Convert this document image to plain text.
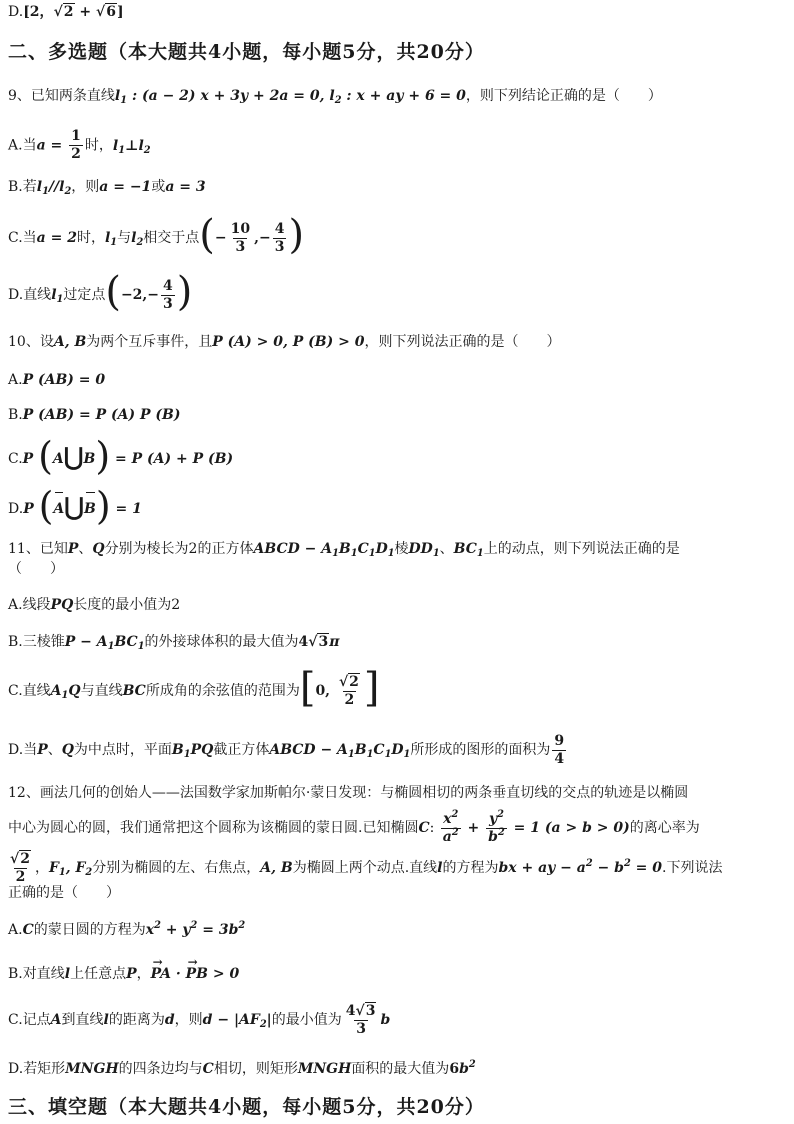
D.[2，√2 + √6]
二、多选题（本大题共4小题，每小题5分，共20分）
9、已知两条直线$l_1$ : (a − 2) x + 3y + 2a = 0, $l_2$ : x + ay + 6 = 0，则下列结论正确的是（　　）
A.当$a = \frac{1}{2}$ 时，$l_1\perp l_2$
B.若$l_1//l_2$，则a = −1或a = 3
C.当a = 2时，$l_1$与$l_2$相交于点(− $\frac{10}{3}$ ,− $\frac{4}{3}$ )
D.直线$l_1$过定点($-2,- \frac{4}{3}$ )
10、设A, B为两个互斥事件，且P (A) > 0, P (B) > 0，则下列说法正确的是（　　）
A.P (AB) = 0
B.P (AB) = P (A) P (B)
C.P (A⋃B) = P (A) + P (B)
D.P (A⋃B) = 1
11、已知P、Q分别为棱长为2的正方体ABCD − $A_1B_1C_1D_1$棱$DD_1$、$BC_1$上的动点，则下列说法正确的是
（　　）
A.线段PQ长度的最小值为2
B.三棱锥$P - A_1BC_1$的外接球体积的最大值为4√3π
C.直线$A_1Q$与直线BC所成角的余弦值的范围为[0, $\frac{√2}{2}$ ]
D.当P、Q为中点时，平面$B_1PQ$截正方体ABCD − $A_1B_1C_1D_1$所形成的图形的面积为 $\frac{9}{4}$
12、画法几何的创始人——法国数学家加斯帕尔·蒙日发现：与椭圆相切的两条垂直切线的交点的轨迹是以椭圆
中心为圆心的圆，我们通常把这个圆称为该椭圆的蒙日圆.已知椭圆C: $\frac{x^2}{a^2} + \frac{y^2}{b^2} = 1$ (a > b > 0)的离心率为
$\frac{√2}{2}$ ，$F_1$, $F_2$分别为椭圆的左、右焦点，A, B为椭圆上两个动点.直线l的方程为bx + ay − $a^2 - b^2 = 0$.下列说法
正确的是（　　）
A.C的蒙日圆的方程为$x^2 + y^2 = 3b^2$
B.对直线l上任意点P，→ PA · → PB > 0
C.记点A到直线l的距离为d，则$d - |AF_2|$的最小值为 $\frac{4√3}{3}$ b
D.若矩形MNGH的四条边均与C相切，则矩形MNGH面积的最大值为$6b^2$
三、填空题（本大题共4小题，每小题5分，共20分）
